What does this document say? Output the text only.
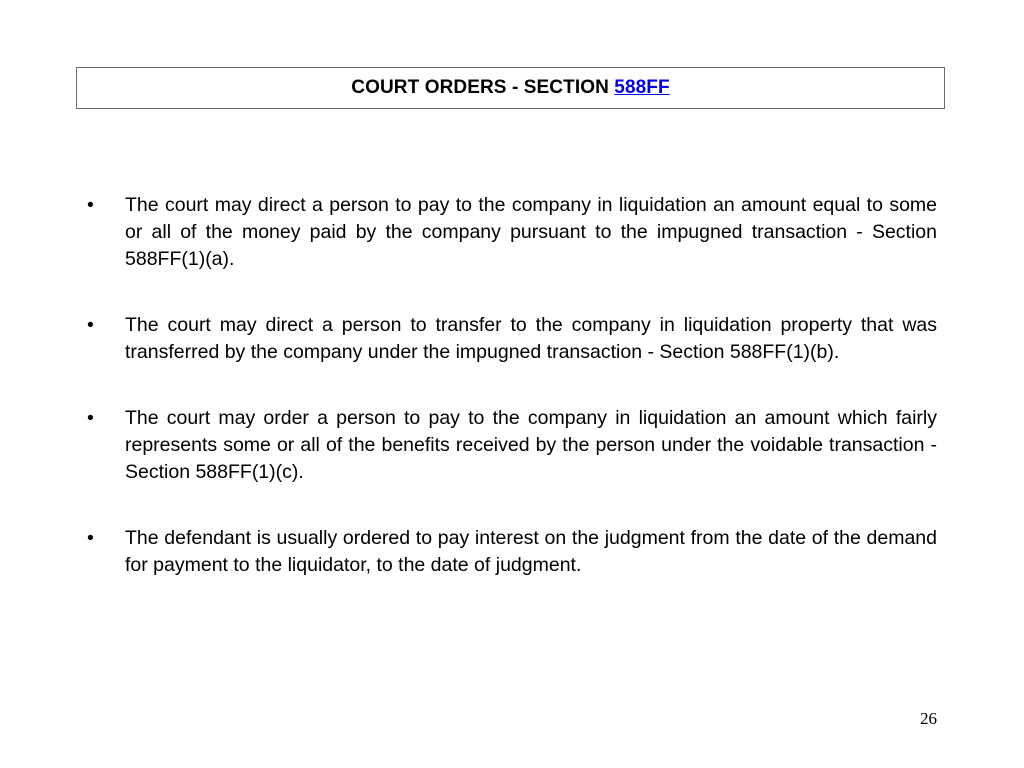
COURT ORDERS - SECTION 588FF
•	The court may direct a person to pay to the company in liquidation an amount equal to some or all of the money paid by the company pursuant to the impugned transaction - Section 588FF(1)(a).
•	The court may direct a person to transfer to the company in liquidation property that was transferred by the company under the impugned transaction - Section 588FF(1)(b).
•	The court may order a person to pay to the company in liquidation an amount which fairly represents some or all of the benefits received by the person under the voidable transaction - Section 588FF(1)(c).
•	The defendant is usually ordered to pay interest on the judgment from the date of the demand for payment to the liquidator, to the date of judgment.
26
